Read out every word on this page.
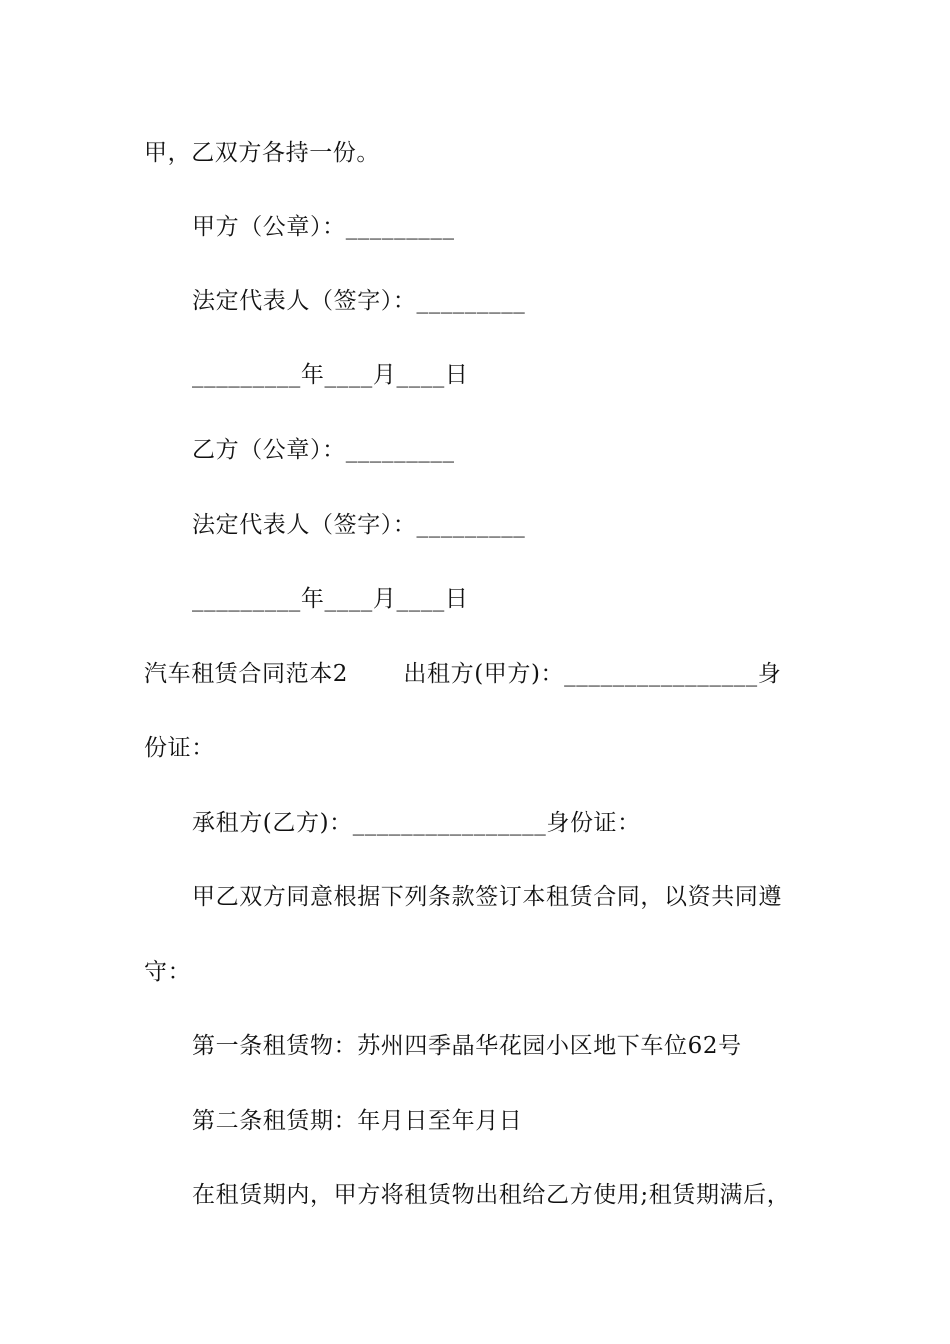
甲，乙双方各持一份。
甲方（公章）：_________
法定代表人（签字）：_________
_________年____月____日
乙方（公章）：_________
法定代表人（签字）：_________
_________年____月____日
汽车租赁合同范本2       出租方(甲方)：________________身
份证：
承租方(乙方)：________________身份证：
甲乙双方同意根据下列条款签订本租赁合同，以资共同遵
守：
第一条租赁物：苏州四季晶华花园小区地下车位62号
第二条租赁期：年月日至年月日
在租赁期内，甲方将租赁物出租给乙方使用;租赁期满后，
